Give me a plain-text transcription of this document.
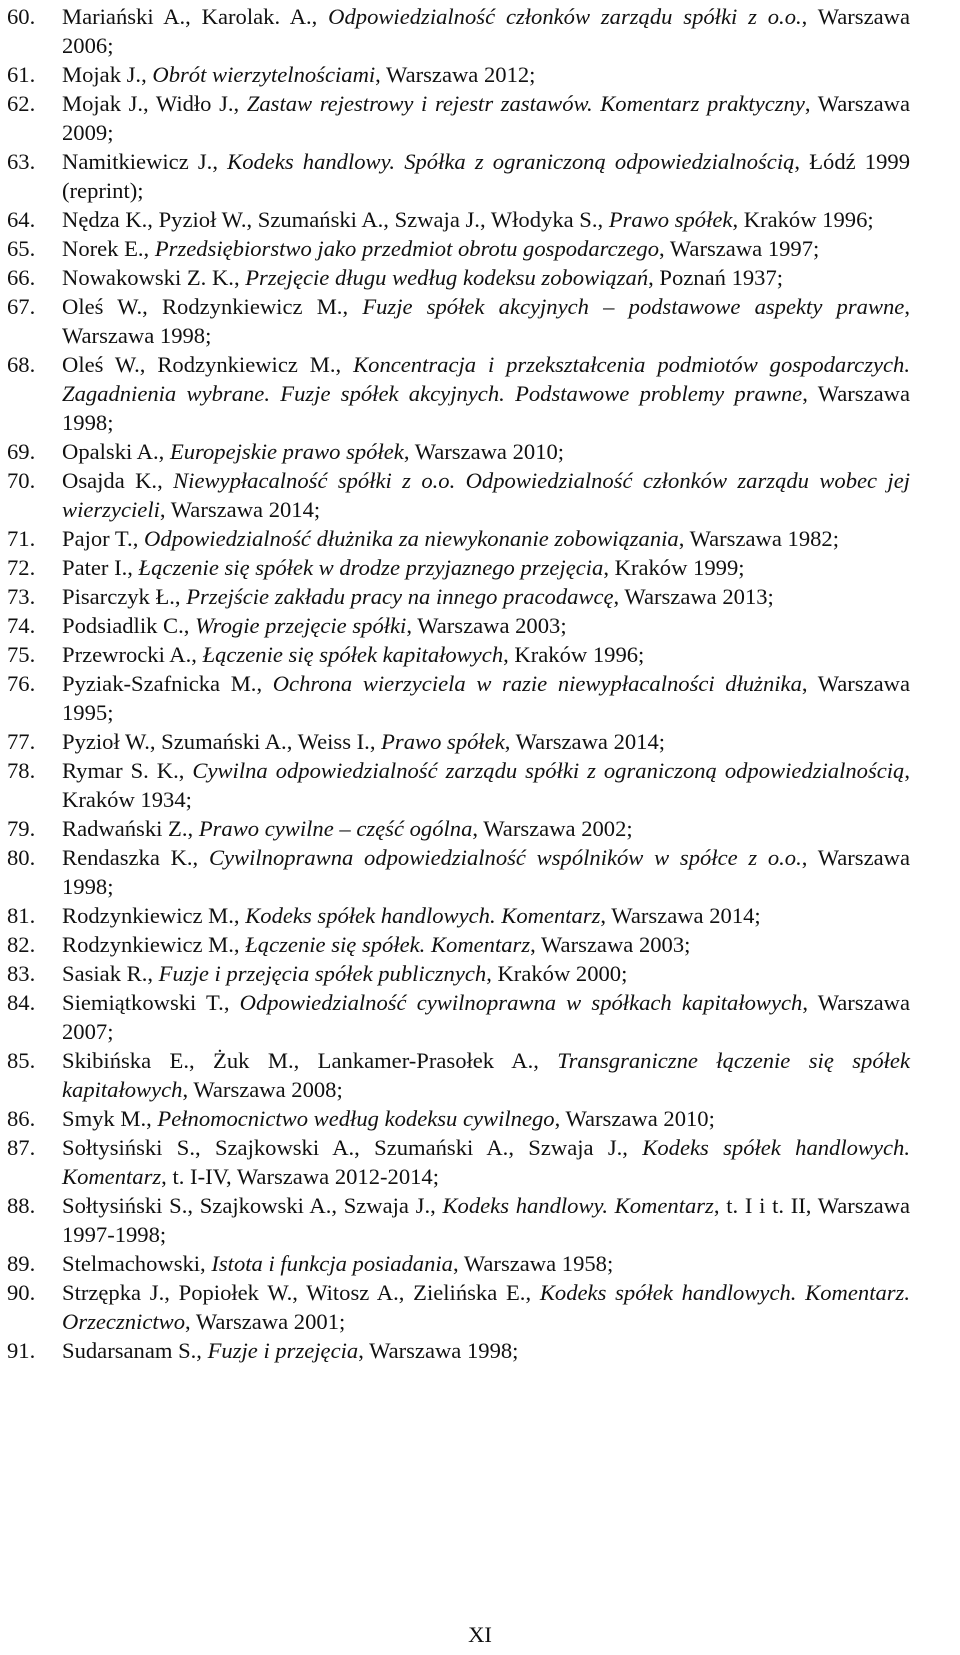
60.	Mariański A., Karolak. A., Odpowiedzialność członków zarządu spółki z o.o., Warszawa 2006;
61.	Mojak J., Obrót wierzytelnościami, Warszawa 2012;
62.	Mojak J., Widło J., Zastaw rejestrowy i rejestr zastawów. Komentarz praktyczny, Warszawa 2009;
63.	Namitkiewicz J., Kodeks handlowy. Spółka z ograniczoną odpowiedzialnością, Łódź 1999 (reprint);
64.	Nędza K., Pyzioł W., Szumański A., Szwaja J., Włodyka S., Prawo spółek, Kraków 1996;
65.	Norek E., Przedsiębiorstwo jako przedmiot obrotu gospodarczego, Warszawa 1997;
66.	Nowakowski Z. K., Przejęcie długu według kodeksu zobowiązań, Poznań 1937;
67.	Oleś W., Rodzynkiewicz M., Fuzje spółek akcyjnych – podstawowe aspekty prawne, Warszawa 1998;
68.	Oleś W., Rodzynkiewicz M., Koncentracja i przekształcenia podmiotów gospodarczych. Zagadnienia wybrane. Fuzje spółek akcyjnych. Podstawowe problemy prawne, Warszawa 1998;
69.	Opalski A., Europejskie prawo spółek, Warszawa 2010;
70.	Osajda K., Niewypłacalność spółki z o.o. Odpowiedzialność członków zarządu wobec jej wierzycieli, Warszawa 2014;
71.	Pajor T., Odpowiedzialność dłużnika za niewykonanie zobowiązania, Warszawa 1982;
72.	Pater I., Łączenie się spółek w drodze przyjaznego przejęcia, Kraków 1999;
73.	Pisarczyk Ł., Przejście zakładu pracy na innego pracodawcę, Warszawa 2013;
74.	Podsiadlik C., Wrogie przejęcie spółki, Warszawa 2003;
75.	Przewrocki A., Łączenie się spółek kapitałowych, Kraków 1996;
76.	Pyziak-Szafnicka M., Ochrona wierzyciela w razie niewypłacalności dłużnika, Warszawa 1995;
77.	Pyzioł W., Szumański A., Weiss I., Prawo spółek, Warszawa 2014;
78.	Rymar S. K., Cywilna odpowiedzialność zarządu spółki z ograniczoną odpowiedzialnością, Kraków 1934;
79.	Radwański Z., Prawo cywilne – część ogólna, Warszawa 2002;
80.	Rendaszka K., Cywilnoprawna odpowiedzialność wspólników w spółce z o.o., Warszawa 1998;
81.	Rodzynkiewicz M., Kodeks spółek handlowych. Komentarz, Warszawa 2014;
82.	Rodzynkiewicz M., Łączenie się spółek. Komentarz, Warszawa 2003;
83.	Sasiak R., Fuzje i przejęcia spółek publicznych, Kraków 2000;
84.	Siemiątkowski T., Odpowiedzialność cywilnoprawna w spółkach kapitałowych, Warszawa 2007;
85.	Skibińska E., Żuk M., Lankamer-Prasołek A., Transgraniczne łączenie się spółek kapitałowych, Warszawa 2008;
86.	Smyk M., Pełnomocnictwo według kodeksu cywilnego, Warszawa 2010;
87.	Sołtysiński S., Szajkowski A., Szumański A., Szwaja J., Kodeks spółek handlowych. Komentarz, t. I-IV, Warszawa 2012-2014;
88.	Sołtysiński S., Szajkowski A., Szwaja J., Kodeks handlowy. Komentarz, t. I i t. II, Warszawa 1997-1998;
89.	Stelmachowski, Istota i funkcja posiadania, Warszawa 1958;
90.	Strzępka J., Popiołek W., Witosz A., Zielińska E., Kodeks spółek handlowych. Komentarz. Orzecznictwo, Warszawa 2001;
91.	Sudarsanam S., Fuzje i przejęcia, Warszawa 1998;
XI
